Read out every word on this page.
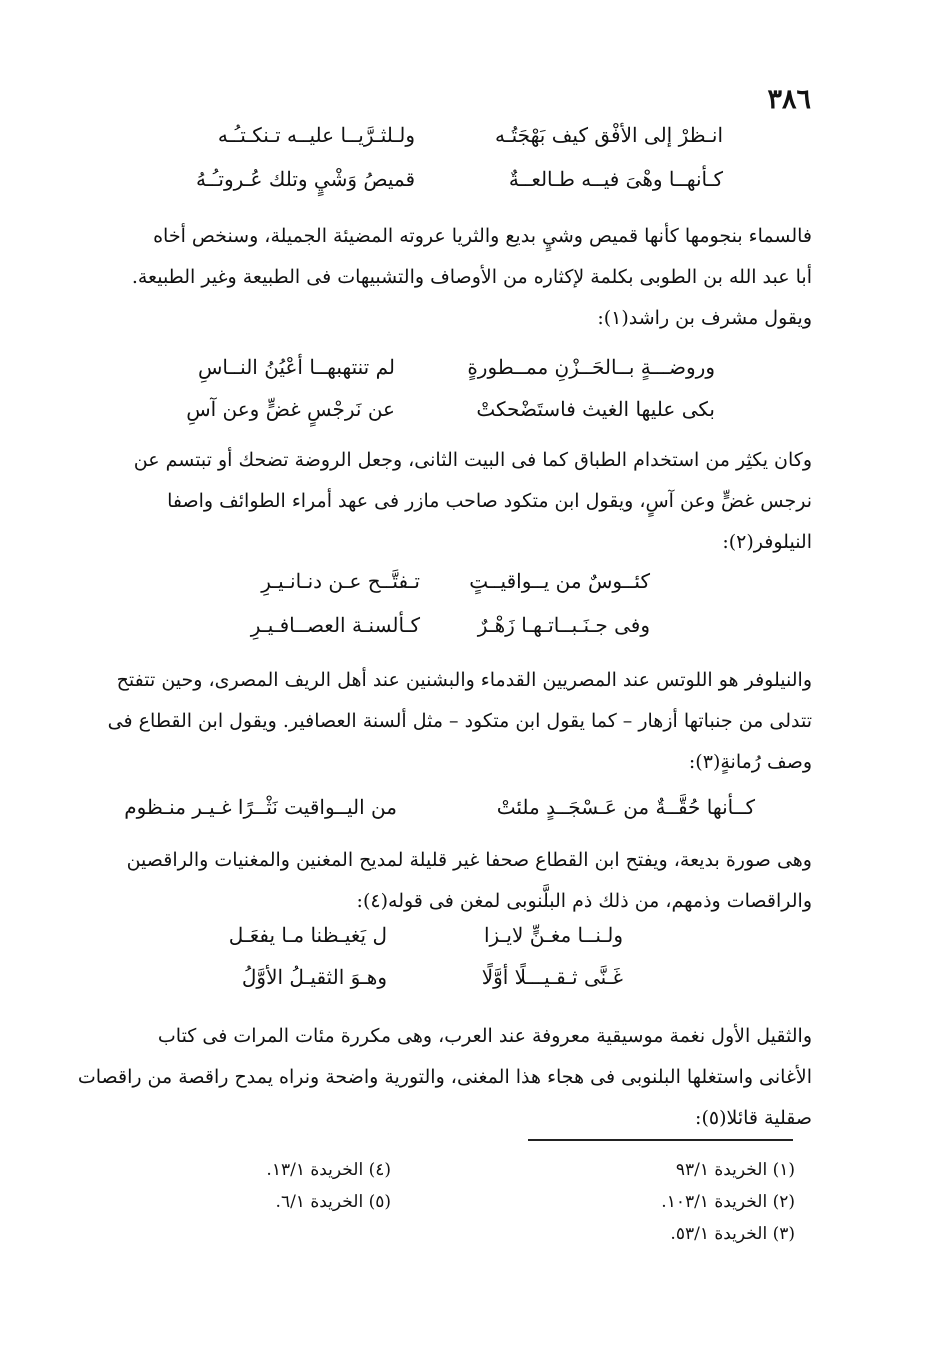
٣٨٦
انـظرْ إلى الأفْق كيف بَهْجَتُـه
ولـلثـرَّيــا عليــه تـنكـتـُـه
كـأنهــا وهْىَ فيــه طـالعــةٌ
قميصُ وَشْيٍ وتلك عُـروتـُـهُ
فالسماء بنجومها كأنها قميص وشيٍ بديع والثريا عروته المضيئة الجميلة، وسنخص أخاه
أبا عبد الله بن الطوبى بكلمة لإكثاره من الأوصاف والتشبيهات فى الطبيعة وغير الطبيعة.
ويقول مشرف بن راشد(١):
وروضـــةٍ بــالحَــزْنِ ممــطورةٍ
لم تنتهبهــا أعْيُنُ النــاسِ
بكى عليها الغيث فاستَضْحكتْ
عن نَرجْسٍ غضٍّ وعن آسِ
وكان يكثِر من استخدام الطباق كما فى البيت الثانى، وجعل الروضة تضحك أو تبتسم عن
نرجس غضٍّ وعن آسٍ، ويقول ابن متكود صاحب مازر فى عهد أمراء الطوائف واصفا
النيلوفر(٢):
كئــوسٌ من يــواقيــتٍ
تـفتَّــح عـن دنـانـيـرِ
وفى جـنَـبــاتـهـا زَهْـرٌ
كـألسنـة العصــافـيـرِ
والنيلوفر هو اللوتس عند المصريين القدماء والبشنين عند أهل الريف المصرى، وحين تتفتح
تتدلى من جنباتها أزهار – كما يقول ابن متكود – مثل ألسنة العصافير. ويقول ابن القطاع فى
وصف رُمانةٍ(٣):
كــأنها حُقَّــةٌ من عَـسْجَــدٍ ملئتْ
من اليــواقيت نَثْــرًا غـيـر منـظوم
وهى صورة بديعة، ويفتح ابن القطاع صحفا غير قليلة لمديح المغنين والمغنيات والراقصين
والراقصات وذمهم، من ذلك ذم البلَّنوبى لمغن فى قوله(٤):
ولـنــا مغـنٍّ لايـزا
ل يَغيـظنا مـا يفعَـل
غَـنَّى ثـقـيـــلًا أوَّلًا
وهـوَ الثقيـلُ الأوَّلُ
والثقيل الأول نغمة موسيقية معروفة عند العرب، وهى مكررة مئات المرات فى كتاب
الأغانى واستغلها البلنوبى فى هجاء هذا المغنى، والتورية واضحة ونراه يمدح راقصة من راقصات
صقلية قائلا(٥):
(١) الخريدة ٩٣/١
(٢) الخريدة ١٠٣/١.
(٣) الخريدة ٥٣/١.
(٤) الخريدة ١٣/١.
(٥) الخريدة ٦/١.
